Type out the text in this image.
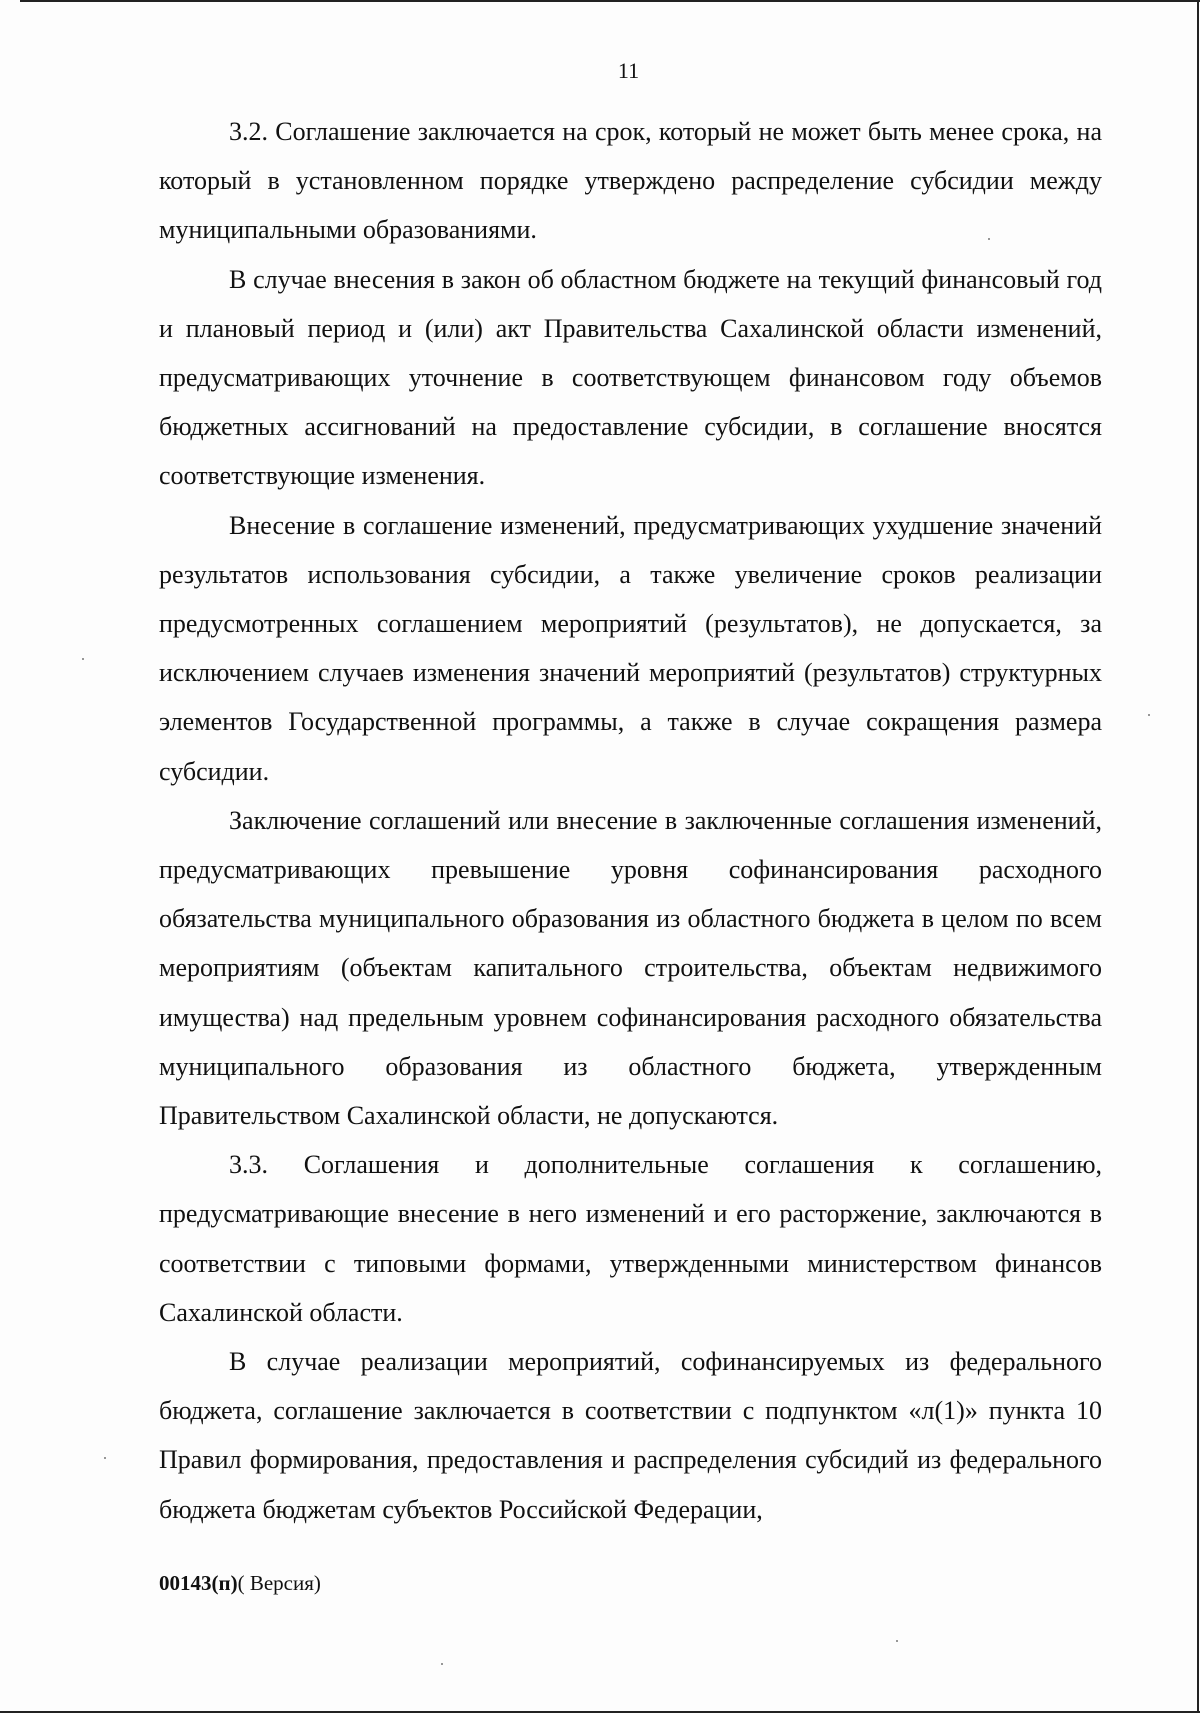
11

3.2. Соглашение заключается на срок, который не может быть менее срока, на который в установленном порядке утверждено распределение субсидии между муниципальными образованиями.

В случае внесения в закон об областном бюджете на текущий финансовый год и плановый период и (или) акт Правительства Сахалинской области изменений, предусматривающих уточнение в соответствующем финансовом году объемов бюджетных ассигнований на предоставление субсидии, в соглашение вносятся соответствующие изменения.

Внесение в соглашение изменений, предусматривающих ухудшение значений результатов использования субсидии, а также увеличение сроков реализации предусмотренных соглашением мероприятий (результатов), не допускается, за исключением случаев изменения значений мероприятий (результатов) структурных элементов Государственной программы, а также в случае сокращения размера субсидии.

Заключение соглашений или внесение в заключенные соглашения изменений, предусматривающих превышение уровня софинансирования расходного обязательства муниципального образования из областного бюджета в целом по всем мероприятиям (объектам капитального строительства, объектам недвижимого имущества) над предельным уровнем софинансирования расходного обязательства муниципального образования из областного бюджета, утвержденным Правительством Сахалинской области, не допускаются.

3.3. Соглашения и дополнительные соглашения к соглашению, предусматривающие внесение в него изменений и его расторжение, заключаются в соответствии с типовыми формами, утвержденными министерством финансов Сахалинской области.

В случае реализации мероприятий, софинансируемых из федерального бюджета, соглашение заключается в соответствии с подпунктом «л(1)» пункта 10 Правил формирования, предоставления и распределения субсидий из федерального бюджета бюджетам субъектов Российской Федерации,

00143(п)( Версия)
